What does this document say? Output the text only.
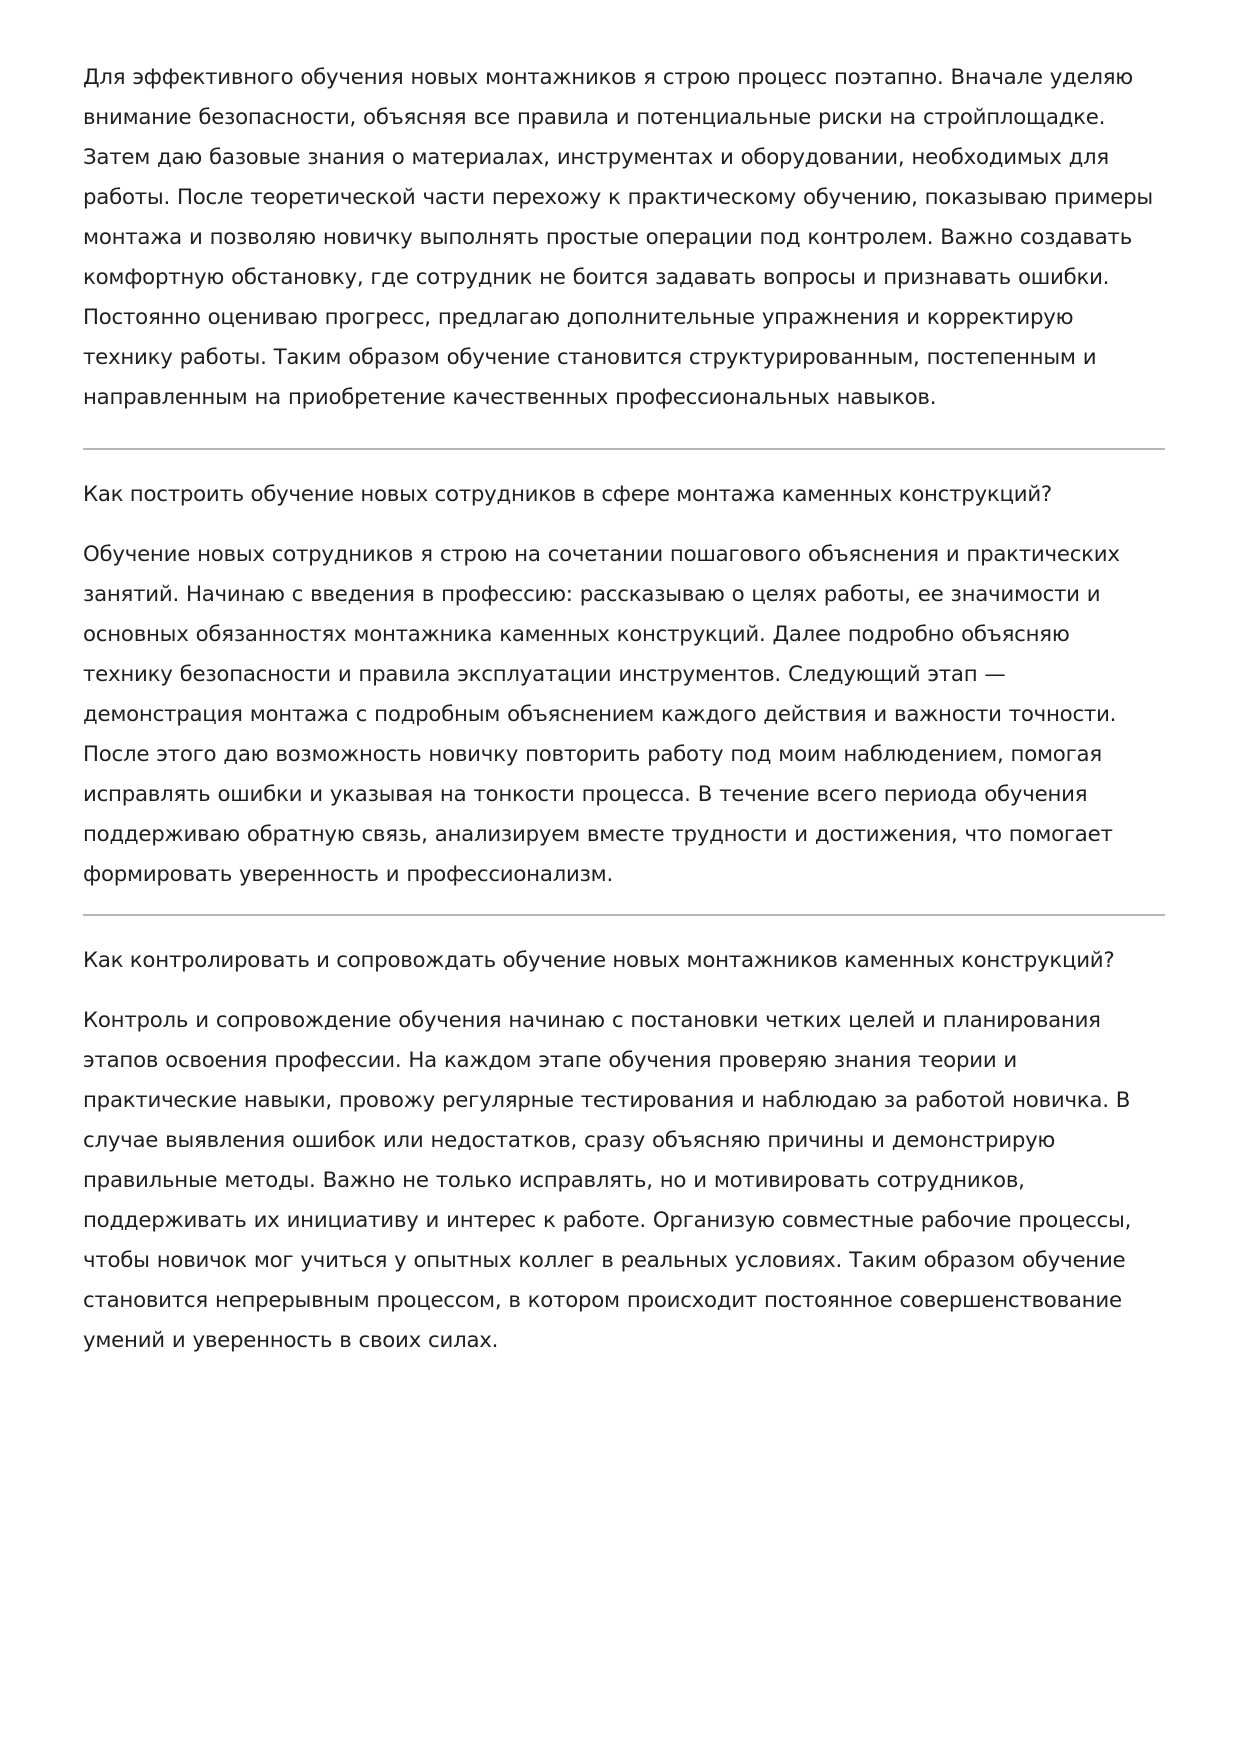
Для эффективного обучения новых монтажников я строю процесс поэтапно. Вначале уделяю внимание безопасности, объясняя все правила и потенциальные риски на стройплощадке. Затем даю базовые знания о материалах, инструментах и оборудовании, необходимых для работы. После теоретической части перехожу к практическому обучению, показываю примеры монтажа и позволяю новичку выполнять простые операции под контролем. Важно создавать комфортную обстановку, где сотрудник не боится задавать вопросы и признавать ошибки. Постоянно оцениваю прогресс, предлагаю дополнительные упражнения и корректирую технику работы. Таким образом обучение становится структурированным, постепенным и направленным на приобретение качественных профессиональных навыков.

Как построить обучение новых сотрудников в сфере монтажа каменных конструкций?

Обучение новых сотрудников я строю на сочетании пошагового объяснения и практических занятий. Начинаю с введения в профессию: рассказываю о целях работы, ее значимости и основных обязанностях монтажника каменных конструкций. Далее подробно объясняю технику безопасности и правила эксплуатации инструментов. Следующий этап — демонстрация монтажа с подробным объяснением каждого действия и важности точности. После этого даю возможность новичку повторить работу под моим наблюдением, помогая исправлять ошибки и указывая на тонкости процесса. В течение всего периода обучения поддерживаю обратную связь, анализируем вместе трудности и достижения, что помогает формировать уверенность и профессионализм.

Как контролировать и сопровождать обучение новых монтажников каменных конструкций?

Контроль и сопровождение обучения начинаю с постановки четких целей и планирования этапов освоения профессии. На каждом этапе обучения проверяю знания теории и практические навыки, провожу регулярные тестирования и наблюдаю за работой новичка. В случае выявления ошибок или недостатков, сразу объясняю причины и демонстрирую правильные методы. Важно не только исправлять, но и мотивировать сотрудников, поддерживать их инициативу и интерес к работе. Организую совместные рабочие процессы, чтобы новичок мог учиться у опытных коллег в реальных условиях. Таким образом обучение становится непрерывным процессом, в котором происходит постоянное совершенствование умений и уверенность в своих силах.
